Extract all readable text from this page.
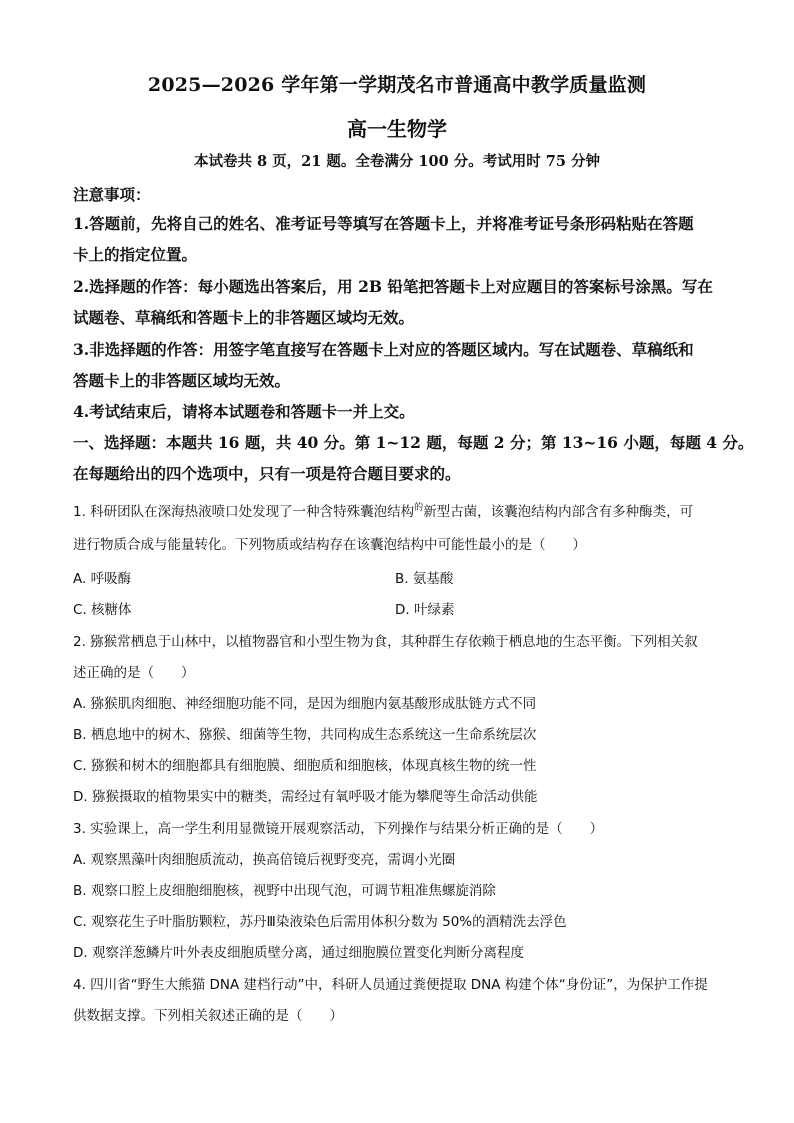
2025—2026 学年第一学期茂名市普通高中教学质量监测
高一生物学
本试卷共 8 页，21 题。全卷满分 100 分。考试用时 75 分钟
注意事项：
1.答题前，先将自己的姓名、准考证号等填写在答题卡上，并将准考证号条形码粘贴在答题
卡上的指定位置。
2.选择题的作答：每小题选出答案后，用 2B 铅笔把答题卡上对应题目的答案标号涂黑。写在
试题卷、草稿纸和答题卡上的非答题区域均无效。
3.非选择题的作答：用签字笔直接写在答题卡上对应的答题区域内。写在试题卷、草稿纸和
答题卡上的非答题区域均无效。
4.考试结束后，请将本试题卷和答题卡一并上交。
一、选择题：本题共 16 题，共 40 分。第 1~12 题，每题 2 分；第 13~16 小题，每题 4 分。
在每题给出的四个选项中，只有一项是符合题目要求的。
1. 科研团队在深海热液喷口处发现了一种含特殊囊泡结构$^的$新型古菌，该囊泡结构内部含有多种酶类，可
进行物质合成与能量转化。下列物质或结构存在该囊泡结构中可能性最小的是（　　）
A. 呼吸酶	B. 氨基酸
C. 核糖体	D. 叶绿素
2. 猕猴常栖息于山林中，以植物器官和小型生物为食，其种群生存依赖于栖息地的生态平衡。下列相关叙
述正确的是（　　）
A. 猕猴肌肉细胞、神经细胞功能不同，是因为细胞内氨基酸形成肽链方式不同
B. 栖息地中的树木、猕猴、细菌等生物，共同构成生态系统这一生命系统层次
C. 猕猴和树木的细胞都具有细胞膜、细胞质和细胞核，体现真核生物的统一性
D. 猕猴摄取的植物果实中的糖类，需经过有氧呼吸才能为攀爬等生命活动供能
3. 实验课上，高一学生利用显微镜开展观察活动，下列操作与结果分析正确的是（　　）
A. 观察黑藻叶肉细胞质流动，换高倍镜后视野变亮，需调小光圈
B. 观察口腔上皮细胞细胞核，视野中出现气泡，可调节粗准焦螺旋消除
C. 观察花生子叶脂肪颗粒，苏丹Ⅲ染液染色后需用体积分数为 50%的酒精洗去浮色
D. 观察洋葱鳞片叶外表皮细胞质壁分离，通过细胞膜位置变化判断分离程度
4. 四川省“野生大熊猫 DNA 建档行动”中，科研人员通过粪便提取 DNA 构建个体“身份证”，为保护工作提
供数据支撑。下列相关叙述正确的是（　　）
